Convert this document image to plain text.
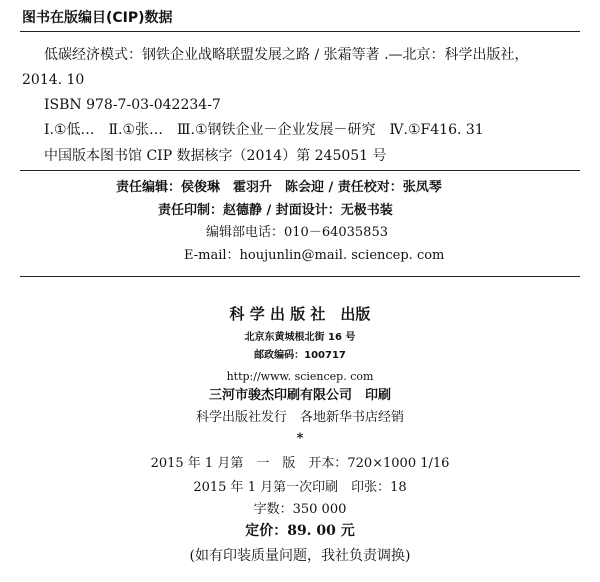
图书在版编目(CIP)数据
低碳经济模式：钢铁企业战略联盟发展之路 / 张霜等著 .—北京：科学出版社，
2014. 10
ISBN 978-7-03-042234-7
Ⅰ.①低…　Ⅱ.①张…　Ⅲ.①钢铁企业－企业发展－研究　Ⅳ.①F416. 31
中国版本图书馆 CIP 数据核字（2014）第 245051 号
责任编辑：侯俊琳　霍羽升　陈会迎 / 责任校对：张凤琴
责任印制：赵德静 / 封面设计：无极书装
编辑部电话：010－64035853
E-mail：houjunlin@mail. sciencep. com
科 学 出 版 社　出版
北京东黄城根北街 16 号
邮政编码：100717
http://www. sciencep. com
三河市骏杰印刷有限公司　印刷
科学出版社发行　各地新华书店经销
*
2015 年 1 月第　一　版　开本：720×1000 1/16
2015 年 1 月第一次印刷　印张：18
字数：350 000
定价：89. 00 元
(如有印装质量问题，我社负责调换)
